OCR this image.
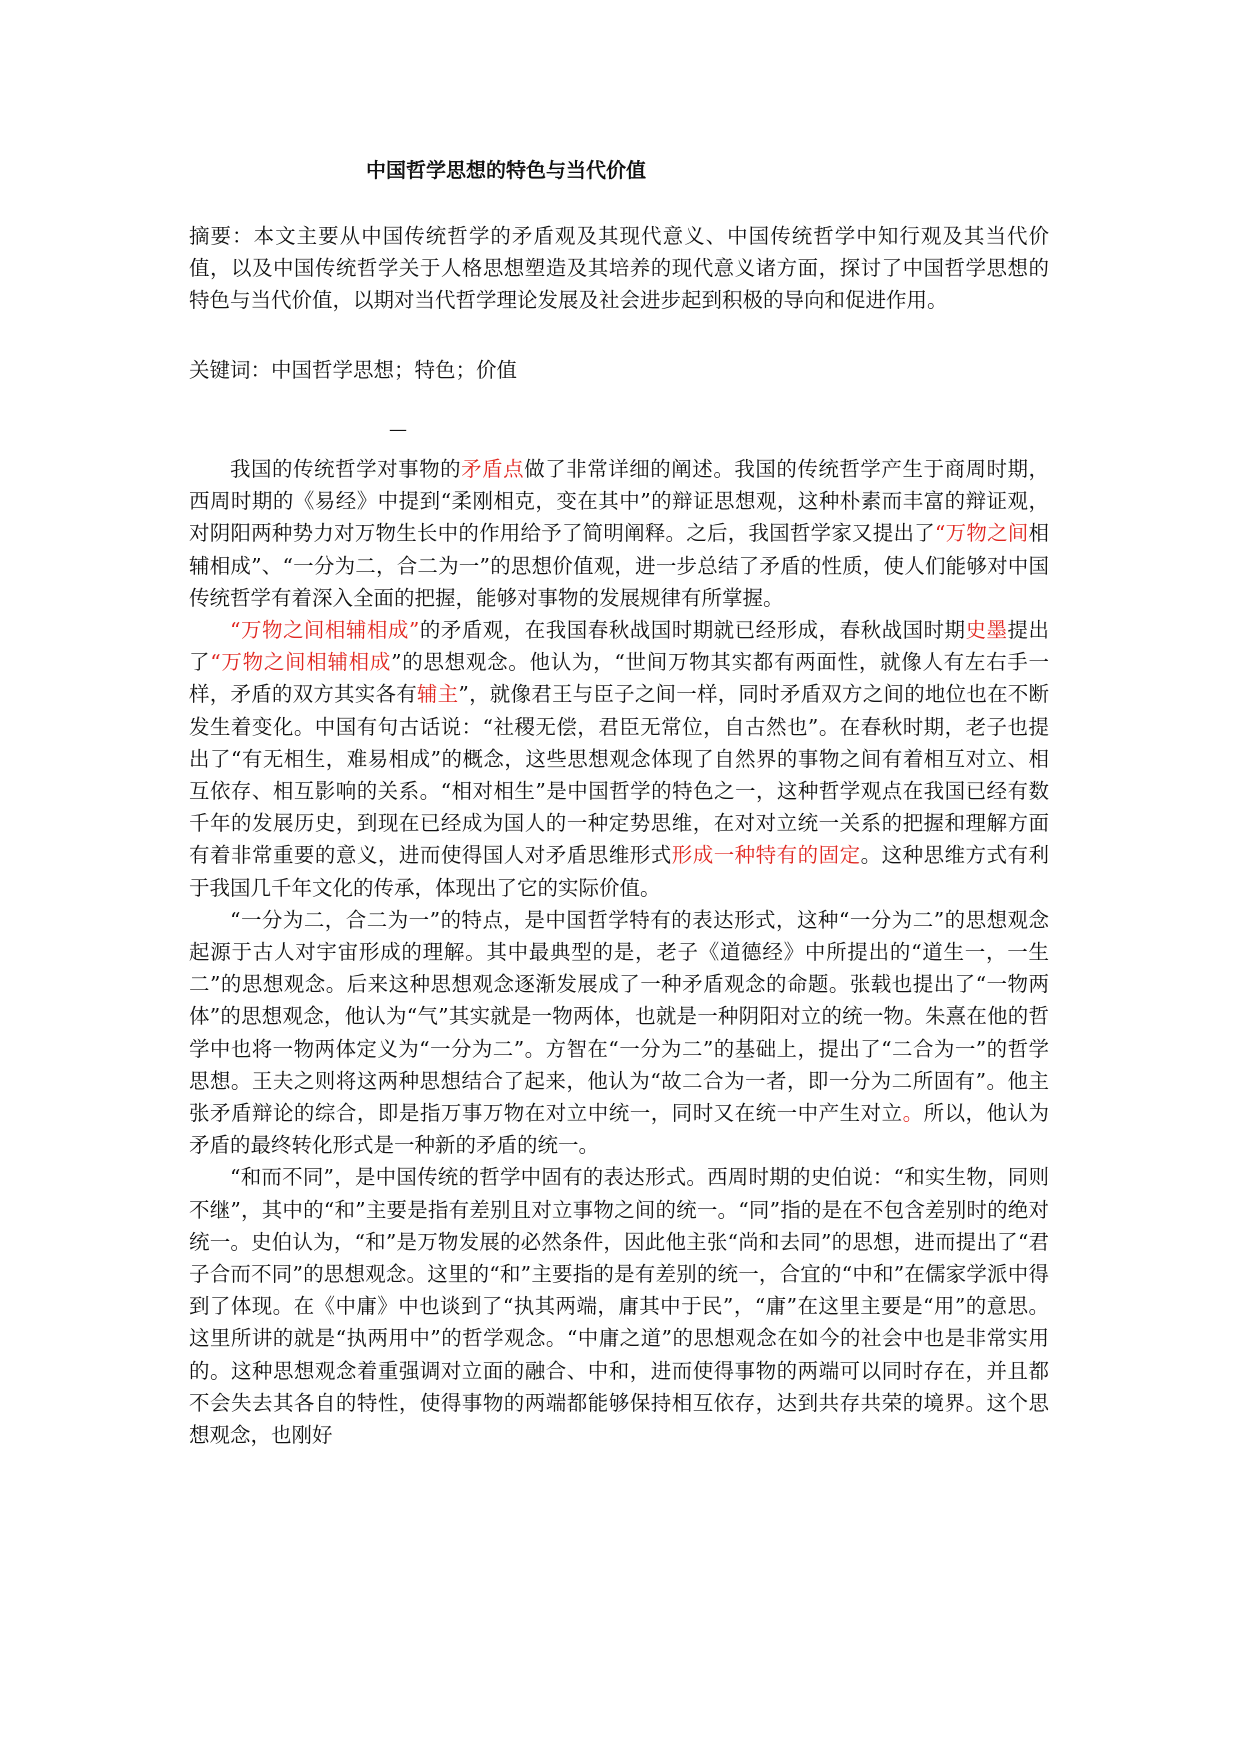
中国哲学思想的特色与当代价值
摘要：本文主要从中国传统哲学的矛盾观及其现代意义、中国传统哲学中知行观及其当代价值，以及中国传统哲学关于人格思想塑造及其培养的现代意义诸方面，探讨了中国哲学思想的特色与当代价值，以期对当代哲学理论发展及社会进步起到积极的导向和促进作用。
关键词：中国哲学思想；特色；价值
—

我国的传统哲学对事物的矛盾点做了非常详细的阐述。我国的传统哲学产生于商周时期，西周时期的《易经》中提到“柔刚相克，变在其中”的辩证思想观，这种朴素而丰富的辩证观，对阴阳两种势力对万物生长中的作用给予了简明阐释。之后，我国哲学家又提出了“万物之间相辅相成”、“一分为二，合二为一”的思想价值观，进一步总结了矛盾的性质，使人们能够对中国传统哲学有着深入全面的把握，能够对事物的发展规律有所掌握。

“万物之间相辅相成”的矛盾观，在我国春秋战国时期就已经形成，春秋战国时期史墨提出了“万物之间相辅相成”的思想观念。他认为，“世间万物其实都有两面性，就像人有左右手一样，矛盾的双方其实各有辅主”，就像君王与臣子之间一样，同时矛盾双方之间的地位也在不断发生着变化。中国有句古话说：“社稷无偿，君臣无常位，自古然也”。在春秋时期，老子也提出了“有无相生，难易相成”的概念，这些思想观念体现了自然界的事物之间有着相互对立、相互依存、相互影响的关系。“相对相生”是中国哲学的特色之一，这种哲学观点在我国已经有数千年的发展历史，到现在已经成为国人的一种定势思维，在对对立统一关系的把握和理解方面有着非常重要的意义，进而使得国人对矛盾思维形式形成一种特有的固定。这种思维方式有利于我国几千年文化的传承，体现出了它的实际价值。

“一分为二，合二为一”的特点，是中国哲学特有的表达形式，这种“一分为二”的思想观念起源于古人对宇宙形成的理解。其中最典型的是，老子《道德经》中所提出的“道生一，一生二”的思想观念。后来这种思想观念逐渐发展成了一种矛盾观念的命题。张载也提出了“一物两体”的思想观念，他认为“气”其实就是一物两体，也就是一种阴阳对立的统一物。朱熹在他的哲学中也将一物两体定义为“一分为二”。方智在“一分为二”的基础上，提出了“二合为一”的哲学思想。王夫之则将这两种思想结合了起来，他认为“故二合为一者，即一分为二所固有”。他主张矛盾辩论的综合，即是指万事万物在对立中统一，同时又在统一中产生对立。所以，他认为矛盾的最终转化形式是一种新的矛盾的统一。

“和而不同”，是中国传统的哲学中固有的表达形式。西周时期的史伯说：“和实生物，同则不继”，其中的“和”主要是指有差别且对立事物之间的统一。“同”指的是在不包含差别时的绝对统一。史伯认为，“和”是万物发展的必然条件，因此他主张“尚和去同”的思想，进而提出了“君子合而不同”的思想观念。这里的“和”主要指的是有差别的统一，合宜的“中和”在儒家学派中得到了体现。在《中庸》中也谈到了“执其两端，庸其中于民”，“庸”在这里主要是“用”的意思。这里所讲的就是“执两用中”的哲学观念。“中庸之道”的思想观念在如今的社会中也是非常实用的。这种思想观念着重强调对立面的融合、中和，进而使得事物的两端可以同时存在，并且都不会失去其各自的特性，使得事物的两端都能够保持相互依存，达到共存共荣的境界。这个思想观念，也刚好
